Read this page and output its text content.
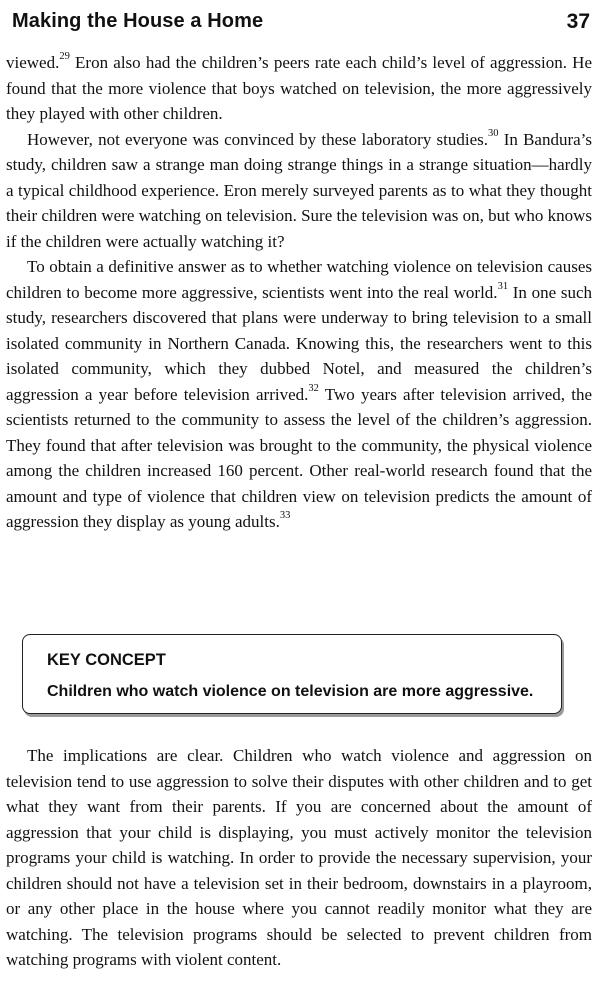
Making the House a Home	37

viewed.$^{29}$ Eron also had the children’s peers rate each child’s level of aggression. He found that the more violence that boys watched on television, the more aggressively they played with other children.

However, not everyone was convinced by these laboratory studies.$^{30}$ In Bandura’s study, children saw a strange man doing strange things in a strange situation—hardly a typical childhood experience. Eron merely surveyed parents as to what they thought their children were watching on television. Sure the television was on, but who knows if the children were actually watching it?

To obtain a definitive answer as to whether watching violence on television causes children to become more aggressive, scientists went into the real world.$^{31}$ In one such study, researchers discovered that plans were underway to bring television to a small isolated community in Northern Canada. Knowing this, the researchers went to this isolated community, which they dubbed Notel, and measured the children’s aggression a year before television arrived.$^{32}$ Two years after television arrived, the scientists returned to the community to assess the level of the children’s aggression. They found that after television was brought to the community, the physical violence among the children increased 160 percent. Other real-world research found that the amount and type of violence that children view on television predicts the amount of aggression they display as young adults.$^{33}$

KEY CONCEPT
Children who watch violence on television are more aggressive.

The implications are clear. Children who watch violence and aggression on television tend to use aggression to solve their disputes with other children and to get what they want from their parents. If you are concerned about the amount of aggression that your child is displaying, you must actively monitor the television programs your child is watching. In order to provide the necessary supervision, your children should not have a television set in their bedroom, downstairs in a playroom, or any other place in the house where you cannot readily monitor what they are watching. The television programs should be selected to prevent children from watching programs with violent content.
